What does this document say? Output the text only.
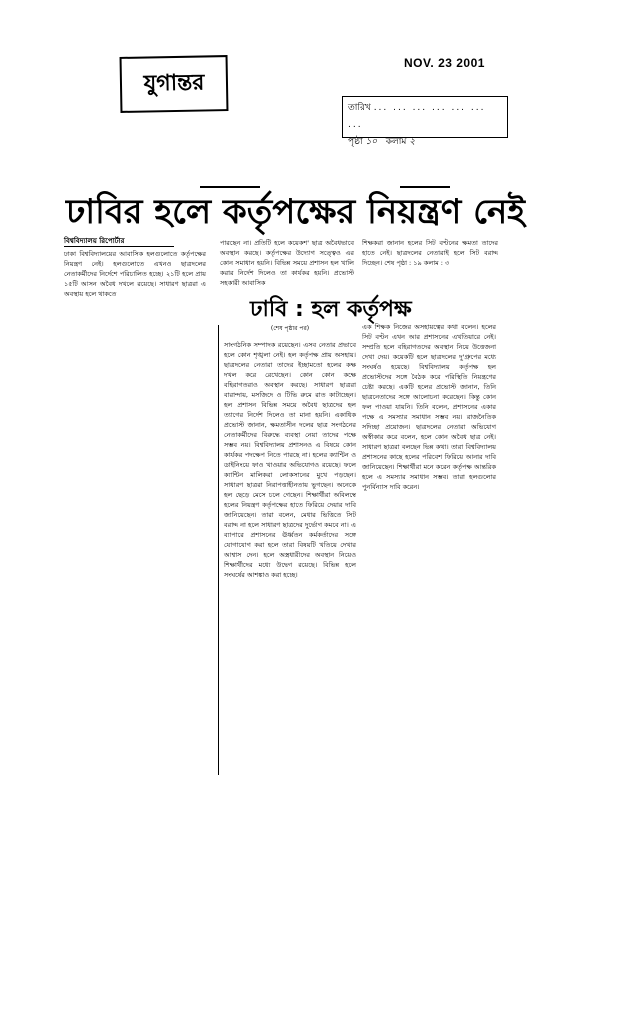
যুগান্তর
NOV. 23 2001
তারিখ ... ... ... ... ... ... ...
পৃষ্ঠা ১০ কলাম ২
ঢাবির হলে কর্তৃপক্ষের নিয়ন্ত্রণ নেই
বিশ্ববিদ্যালয় রিপোর্টার
ঢাকা বিশ্ববিদ্যালয়ের আবাসিক হলগুলোতে কর্তৃপক্ষের নিয়ন্ত্রণ নেই। হলগুলোতে এখনও ছাত্রদলের নেতাকর্মীদের নির্দেশে পরিচালিত হচ্ছে। ২১টি হলে প্রায় ১৫টি আসন অবৈধ দখলে রয়েছে। সাধারণ ছাত্ররা এ অবস্থায় হলে থাকতে
পারছেন না। প্রতিটি হলে কয়েকশ' ছাত্র অবৈধভাবে অবস্থান করছে। কর্তৃপক্ষের উদ্যোগ সত্ত্বেও এর কোন সমাধান হয়নি। বিভিন্ন সময়ে প্রশাসন হল খালি করার নির্দেশ দিলেও তা কার্যকর হয়নি। প্রভোস্ট সহকারী আবাসিক
শিক্ষকরা জানান হলের সিট বণ্টনের ক্ষমতা তাদের হাতে নেই। ছাত্রদলের নেতারাই হলে সিট বরাদ্দ দিচ্ছেন। শেষ পৃষ্ঠা : ১৯ কলাম : ৩
ঢাবি : হল কর্তৃপক্ষ
(শেষ পৃষ্ঠার পর)
সাংগঠনিক সম্পাদক রয়েছেন। এসব নেতার প্রভাবে হলে কোন শৃঙ্খলা নেই। হল কর্তৃপক্ষ প্রায় অসহায়। ছাত্রদলের নেতারা তাদের ইচ্ছামতো হলের কক্ষ দখল করে রেখেছেন। কোন কোন কক্ষে বহিরাগতরাও অবস্থান করছে। সাধারণ ছাত্ররা বারান্দায়, মসজিদে ও টিভি রুমে রাত কাটাচ্ছেন। হল প্রশাসন বিভিন্ন সময়ে অবৈধ ছাত্রদের হল ত্যাগের নির্দেশ দিলেও তা মানা হয়নি। একাধিক প্রভোস্ট জানান, ক্ষমতাসীন দলের ছাত্র সংগঠনের নেতাকর্মীদের বিরুদ্ধে ব্যবস্থা নেয়া তাদের পক্ষে সম্ভব নয়। বিশ্ববিদ্যালয় প্রশাসনও এ বিষয়ে কোন কার্যকর পদক্ষেপ নিতে পারছে না। হলের ক্যান্টিন ও ডাইনিংয়ে ফাও খাওয়ার অভিযোগও রয়েছে। ফলে ক্যান্টিন মালিকরা লোকসানের মুখে পড়ছেন। সাধারণ ছাত্ররা নিরাপত্তাহীনতায় ভুগছেন। অনেকে হল ছেড়ে মেসে চলে গেছেন। শিক্ষার্থীরা অবিলম্বে হলের নিয়ন্ত্রণ কর্তৃপক্ষের হাতে ফিরিয়ে দেয়ার দাবি জানিয়েছেন। তারা বলেন, মেধার ভিত্তিতে সিট বরাদ্দ না হলে সাধারণ ছাত্রদের দুর্ভোগ কমবে না। এ ব্যাপারে প্রশাসনের ঊর্ধ্বতন কর্মকর্তাদের সঙ্গে যোগাযোগ করা হলে তারা বিষয়টি খতিয়ে দেখার আশ্বাস দেন। হলে অস্ত্রধারীদের অবস্থান নিয়েও শিক্ষার্থীদের মধ্যে উদ্বেগ রয়েছে। বিভিন্ন হলে সংঘর্ষের আশঙ্কাও করা হচ্ছে।
এক শিক্ষক নিজের অসহায়ত্বের কথা বলেন। হলের সিট বণ্টন এখন আর প্রশাসনের এখতিয়ারে নেই। সম্প্রতি হলে বহিরাগতদের অবস্থান নিয়ে উত্তেজনা দেখা দেয়। কয়েকটি হলে ছাত্রদলের দু'গ্রুপের মধ্যে সংঘর্ষও হয়েছে। বিশ্ববিদ্যালয় কর্তৃপক্ষ হল প্রভোস্টদের সঙ্গে বৈঠক করে পরিস্থিতি নিয়ন্ত্রণের চেষ্টা করছে। একটি হলের প্রভোস্ট জানান, তিনি ছাত্রনেতাদের সঙ্গে আলোচনা করেছেন। কিন্তু কোন ফল পাওয়া যায়নি। তিনি বলেন, প্রশাসনের একার পক্ষে এ সমস্যার সমাধান সম্ভব নয়। রাজনৈতিক সদিচ্ছা প্রয়োজন। ছাত্রদলের নেতারা অভিযোগ অস্বীকার করে বলেন, হলে কোন অবৈধ ছাত্র নেই। সাধারণ ছাত্ররা বলছেন ভিন্ন কথা। তারা বিশ্ববিদ্যালয় প্রশাসনের কাছে হলের পরিবেশ ফিরিয়ে আনার দাবি জানিয়েছেন। শিক্ষার্থীরা মনে করেন কর্তৃপক্ষ আন্তরিক হলে এ সমস্যার সমাধান সম্ভব। তারা হলগুলোর পুনর্বিন্যাস দাবি করেন।
